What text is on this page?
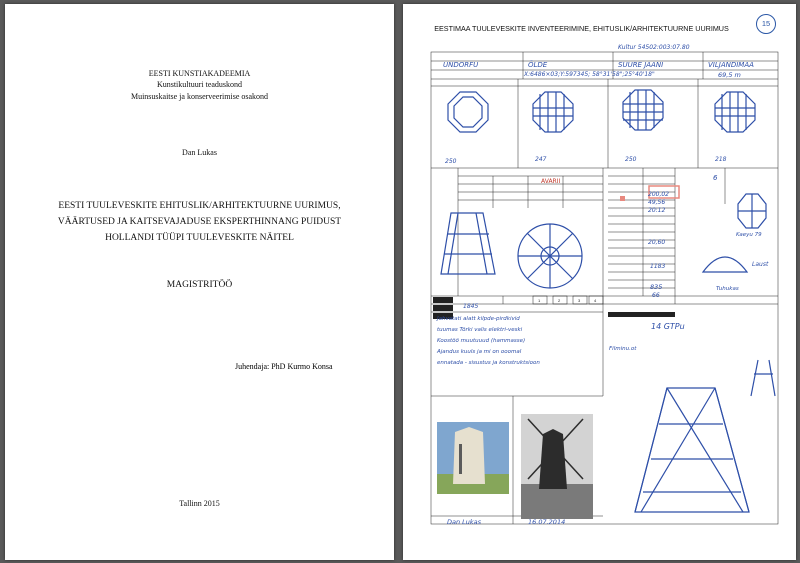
EESTI KUNSTIAKADEEMIA
Kunstikultuuri teaduskond
Muinsuskaitse ja konserveerimise osakond
Dan Lukas
EESTI TUULEVESKITE EHITUSLIK/ARHITEKTUURNE UURIMUS,
VÄÄRTUSED JA KAITSEVAJADUSE EKSPERTHINNANG PUIDUST
HOLLANDI TÜÜPI TUULEVESKITE NÄITEL
MAGISTRITÖÖ
Juhendaja: PhD Kurmo Konsa
Tallinn 2015
EESTIMAA TUULEVESKITE INVENTEERIMINE, EHITUSLIK/ARHITEKTUURNE UURIMUS
15
UNDORFU	ÕLDE	SUURE JAANI	VILJANDIMAA
Kultur 54502:003:07.80
X:6486×03;Y:597345; 58°31'58";25°40'18"	69,5 m
250	247	250	218
AVARII
1845
6
200,02
49,56
20:12
20,60
1183
835
66
1	2	3	4
Jahvatati alatt kilpde-pirdkivid
tuumas Tõrki valis elektri-veski
Koostöö muutuuud (hammasse)
Ajandus kuuls ja mi on ooomal
ennatada - sisustus ja konstruktsioon
14 GTPu
Kaeyu 79
Laust
Tuhukas
Filminu.ot
Dan Lukas	16.07.2014
